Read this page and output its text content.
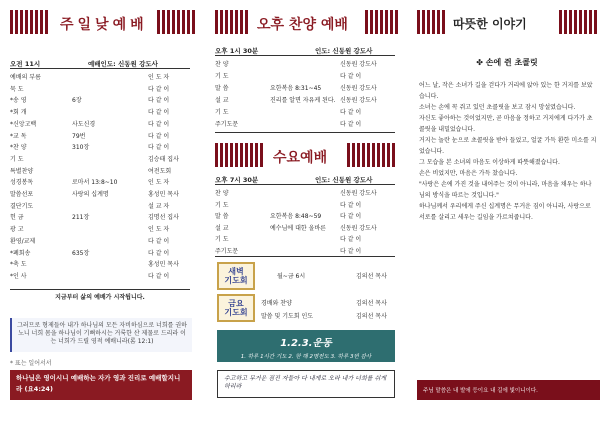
주일낮예배
오전 11시	예배인도: 신동원 강도사
예배의 부름	인 도 자
묵 도	다 같 이
*송 영	6장	다 같 이
*회 개	다 같 이
*신앙고백	사도신경	다 같 이
*교 독	79번	다 같 이
*찬 양	310장	다 같 이
기 도	김승태 집사
특별찬양	여전도회
성경봉독	로마서 13:8~10	인 도 자
말씀선포	사랑의 십계명	홍성민 목사
결단기도	설 교 자
헌 금	211장	김명선 집사
광 고	인 도 자
환영/교제	다 같 이
*폐회송	635장	다 같 이
*축 도	홍성민 목사
*인 사	다 같 이
지금부터 삶의 예배가 시작됩니다.
그러므로 형제들아 내가 하나님의 모든 자비하심으로 너희를 권하노니 너희 몸을 하나님이 기뻐하시는 거룩한 산 제물로 드리라 이는 너희가 드릴 영적 예배니라(롬 12:1)
* 표는 일어서서
하나님은 영이시니 예배하는 자가 영과 진리로 예배할지니라 (요4:24)
오후 찬양 예배
오후 1시 30분	인도: 신동원 강도사
찬 양	신동원 강도사
기 도	다 같 이
말 씀	요한복음 8:31~45	신동원 강도사
설 교	진리를 알면 자유케 된다. 신동원 강도사
기 도	다 같 이
주기도문	다 같 이
수요예배
오후 7시 30분	인도: 신동원 강도사
찬 양	신동원 강도사
기 도	다 같 이
말 씀	요한복음 8:48~59	다 같 이
설 교	예수님에 대한 올바른 신동원 강도사
기 도	다 같 이
주기도문	다 같 이
새벽
기도회	월~금 6시	김의선 목사
금요
기도회
경배와 찬양	김의선 목사
말씀 및 기도회 인도	김의선 목사
1.2.3.운동
1. 하루 1시간 기도 2. 한 해 2명전도 3. 하루 3번 감사
수고하고 무거운 짐진 자들아 다 내게로 오라 내가 너희를 쉬게 하리라
따뜻한 이야기
✤ 손에 쥔 초콜릿
어느 날, 작은 소녀가 길을 걷다가 거리에 앉아 있는 한 거지를 보았습니다.
소녀는 손에 꼭 쥐고 있던 초콜릿을 보고 잠시 망설였습니다.
자신도 좋아하는 것이었지만, 곧 마음을 정하고 거지에게 다가가 초콜릿을 내밀었습니다.
거지는 놀란 눈으로 초콜릿을 받아 들었고, 얼굴 가득 환한 미소를 지었습니다.
그 모습을 본 소녀의 마음도 이상하게 따뜻해졌습니다.
손은 비었지만, 마음은 가득 찼습니다.
"사랑은 손에 가진 것을 내어주는 것이 아니라, 마음을 채우는 하나님의 방식을 따르는 것입니다."
하나님께서 우리에게 주신 십계명은 무거운 짐이 아니라, 사랑으로 서로를 살리고 세우는 길임을 가르쳐줍니다.
주님 말씀은 내 발에 등이요 내 길에 빛이니이다.
